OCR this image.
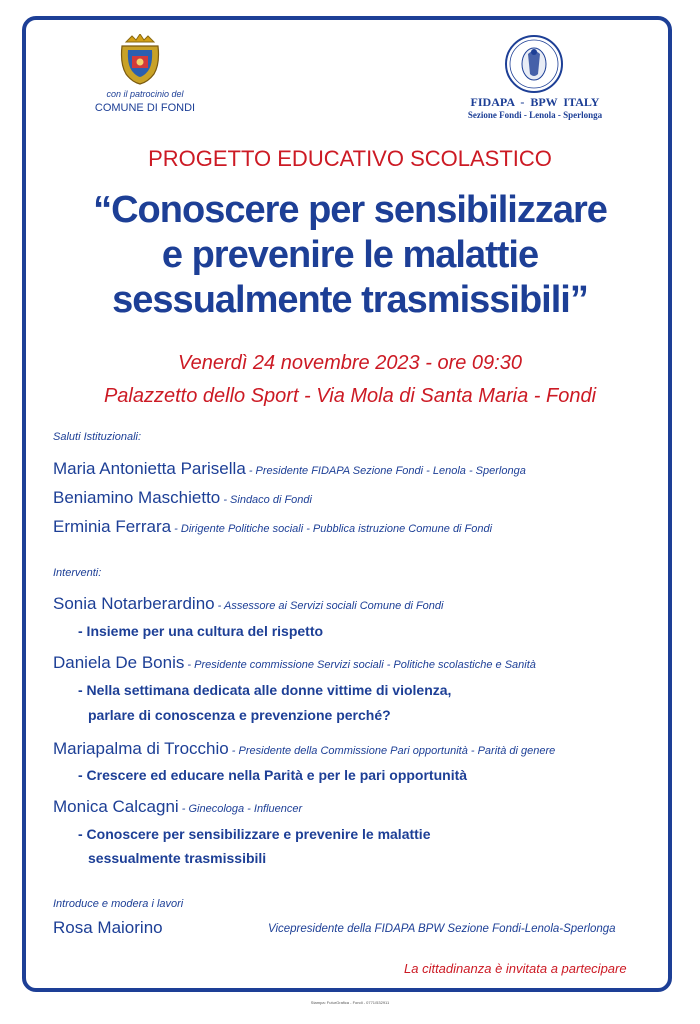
con il patrocinio del
COMUNE DI FONDI	FIDAPA - BPW ITALY
Sezione Fondi - Lenola - Sperlonga
PROGETTO EDUCATIVO SCOLASTICO
“Conoscere per sensibilizzare
e prevenire le malattie
sessualmente trasmissibili”
Venerdì 24 novembre 2023 - ore 09:30
Palazzetto dello Sport - Via Mola di Santa Maria - Fondi
Saluti Istituzionali:
Maria Antonietta Parisella - Presidente FIDAPA Sezione Fondi - Lenola - Sperlonga
Beniamino Maschietto - Sindaco di Fondi
Erminia Ferrara - Dirigente Politiche sociali - Pubblica istruzione Comune di Fondi
Interventi:
Sonia Notarberardino - Assessore ai Servizi sociali Comune di Fondi
- Insieme per una cultura del rispetto
Daniela De Bonis - Presidente commissione Servizi sociali - Politiche scolastiche e Sanità
- Nella settimana dedicata alle donne vittime di violenza,
parlare di conoscenza e prevenzione perché?
Mariapalma di Trocchio - Presidente della Commissione Pari opportunità - Parità di genere
- Crescere ed educare nella Parità e per le pari opportunità
Monica Calcagni - Ginecologa - Influencer
- Conoscere per sensibilizzare e prevenire le malattie
sessualmente trasmissibili
Introduce e modera i lavori
Rosa Maiorino	Vicepresidente della FIDAPA BPW Sezione Fondi-Lenola-Sperlonga
La cittadinanza è invitata a partecipare
Stampa: FuturGrafica - Fondi - 0771/532911
